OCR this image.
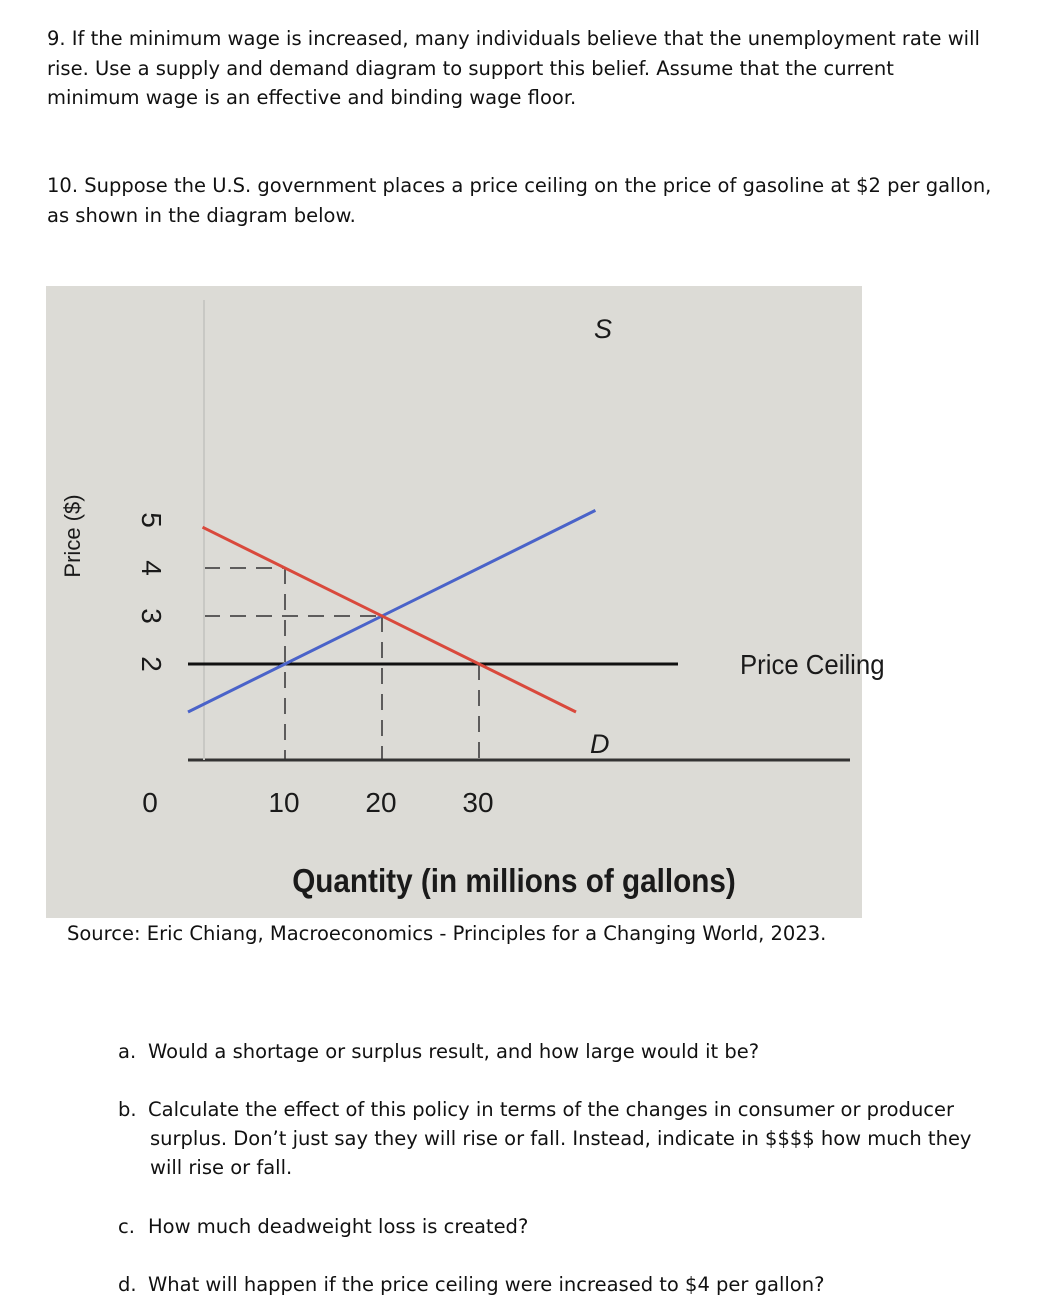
9. If the minimum wage is increased, many individuals believe that the unemployment rate will
rise. Use a supply and demand diagram to support this belief. Assume that the current
minimum wage is an effective and binding wage floor.
10. Suppose the U.S. government places a price ceiling on the price of gasoline at $2 per gallon,
as shown in the diagram below.
S
D
2
3
4
5
0	10 20 30
Price Ceiling
Quantity (in millions of gallons)
Price ($)
Source: Eric Chiang, Macroeconomics - Principles for a Changing World, 2023.
a. Would a shortage or surplus result, and how large would it be?
b. Calculate the effect of this policy in terms of the changes in consumer or producer
surplus. Don’t just say they will rise or fall. Instead, indicate in $$$$ how much they
will rise or fall.
c. How much deadweight loss is created?
d. What will happen if the price ceiling were increased to $4 per gallon?
